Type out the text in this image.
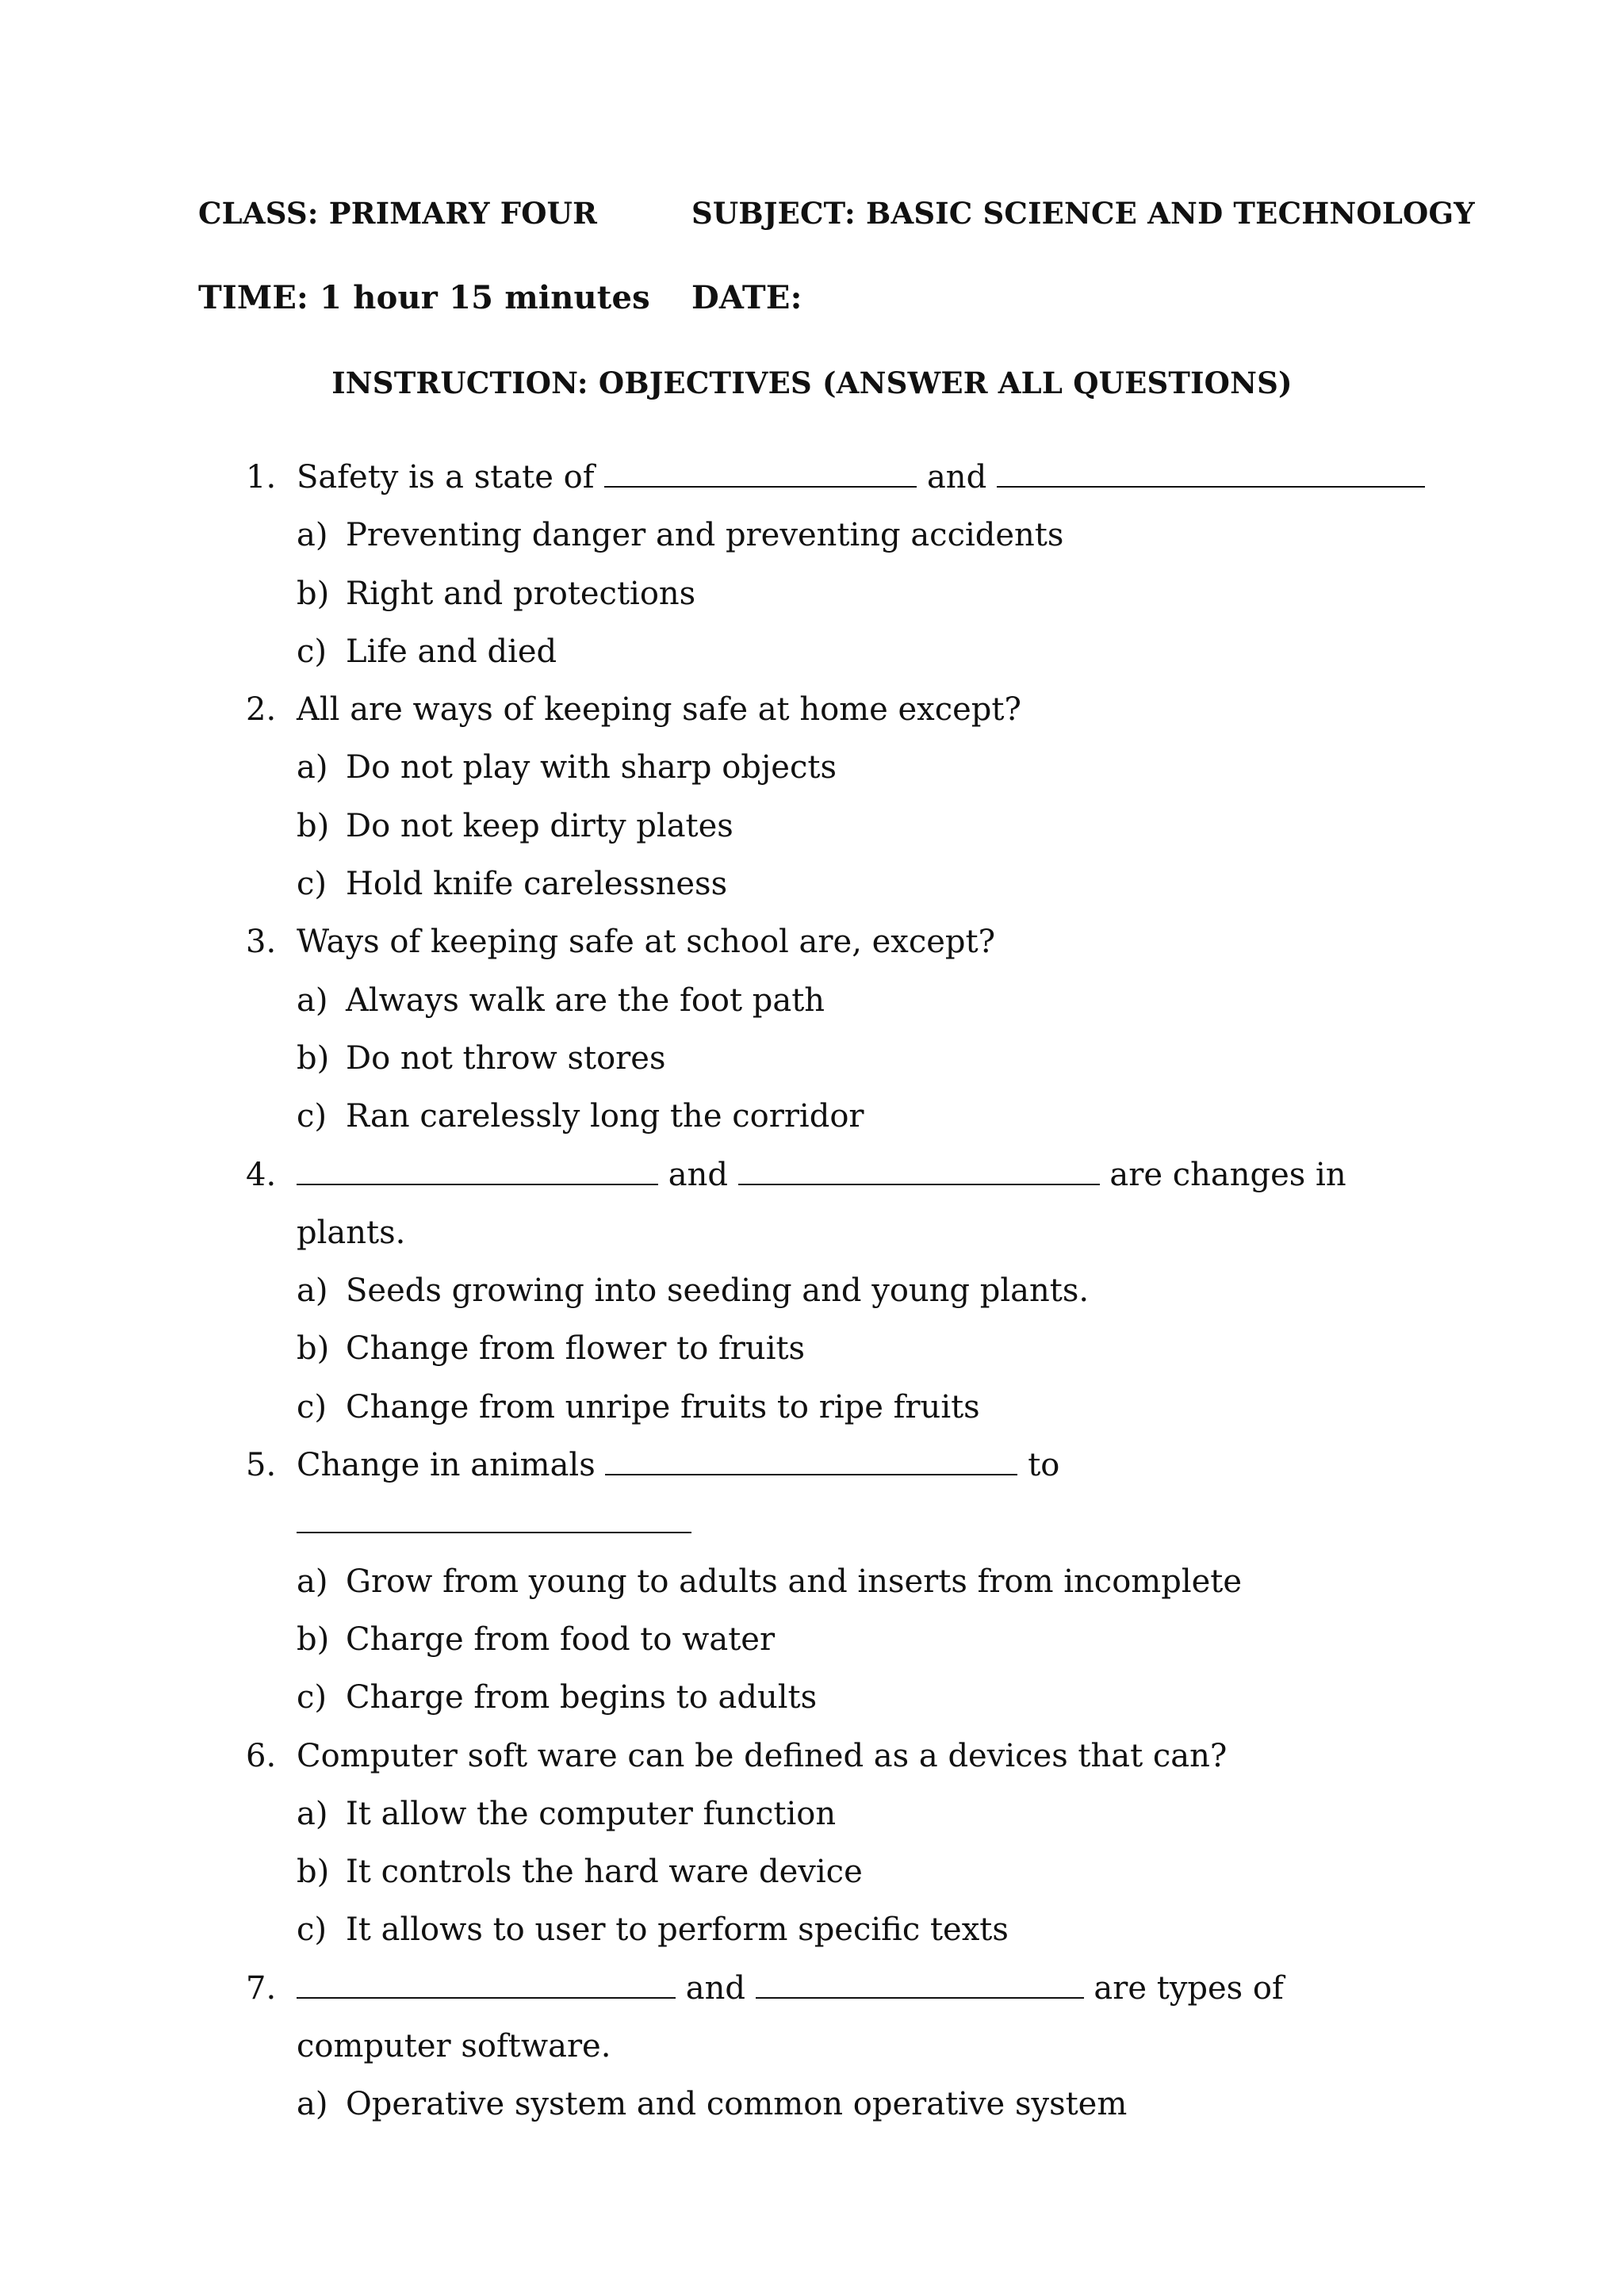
CLASS: PRIMARY FOUR	SUBJECT: BASIC SCIENCE AND TECHNOLOGY
TIME: 1 hour 15 minutes DATE:
INSTRUCTION: OBJECTIVES (ANSWER ALL QUESTIONS)
1. Safety is a state of	and
a) Preventing danger and preventing accidents
b) Right and protections
c) Life and died
2. All are ways of keeping safe at home except?
a) Do not play with sharp objects
b) Do not keep dirty plates
c) Hold knife carelessness
3. Ways of keeping safe at school are, except?
a) Always walk are the foot path
b) Do not throw stores
c) Ran carelessly long the corridor
4.	and	are changes in
plants.
a) Seeds growing into seeding and young plants.
b) Change from flower to fruits
c) Change from unripe fruits to ripe fruits
5. Change in animals	to
a) Grow from young to adults and inserts from incomplete
b) Charge from food to water
c) Charge from begins to adults
6. Computer soft ware can be defined as a devices that can?
a) It allow the computer function
b) It controls the hard ware device
c) It allows to user to perform specific texts
7.	and	are types of
computer software.
a) Operative system and common operative system
